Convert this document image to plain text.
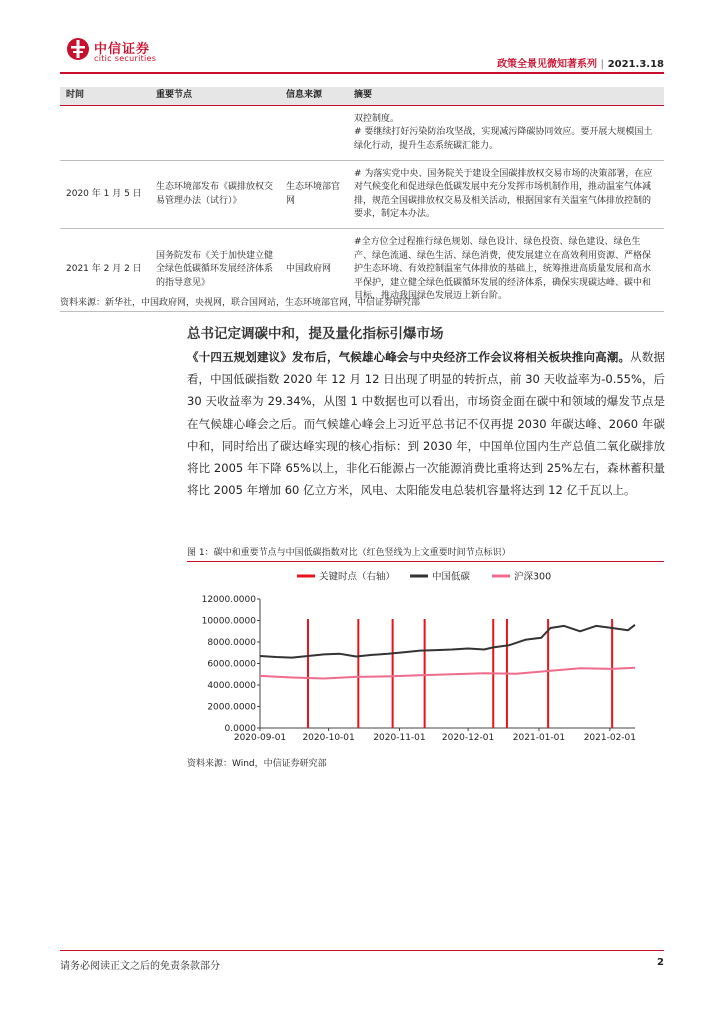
中信证券
citic securities
政策全景见微知著系列 | 2021.3.18
时间	重要节点	信息来源	摘要
			双控制度。
# 要继续打好污染防治攻坚战，实现减污降碳协同效应。要开展大规模国土绿化行动，提升生态系统碳汇能力。
2020 年 1 月 5 日	生态环境部发布《碳排放权交易管理办法（试行）》	生态环境部官网	# 为落实党中央、国务院关于建设全国碳排放权交易市场的决策部署，在应对气候变化和促进绿色低碳发展中充分发挥市场机制作用，推动温室气体减排，规范全国碳排放权交易及相关活动，根据国家有关温室气体排放控制的要求，制定本办法。
2021 年 2 月 2 日	国务院发布《关于加快建立健全绿色低碳循环发展经济体系的指导意见》	中国政府网	#全方位全过程推行绿色规划、绿色设计、绿色投资、绿色建设、绿色生产、绿色流通、绿色生活、绿色消费，使发展建立在高效利用资源、严格保护生态环境、有效控制温室气体排放的基础上，统筹推进高质量发展和高水平保护，建立健全绿色低碳循环发展的经济体系，确保实现碳达峰、碳中和目标，推动我国绿色发展迈上新台阶。
资料来源：新华社，中国政府网，央视网，联合国网站，生态环境部官网，中信证券研究部
总书记定调碳中和，提及量化指标引爆市场
《十四五规划建议》发布后，气候雄心峰会与中央经济工作会议将相关板块推向高潮。从数据看，中国低碳指数 2020 年 12 月 12 日出现了明显的转折点，前 30 天收益率为-0.55%，后 30 天收益率为 29.34%，从图 1 中数据也可以看出，市场资金面在碳中和领域的爆发节点是在气候雄心峰会之后。而气候雄心峰会上习近平总书记不仅再提 2030 年碳达峰、2060 年碳中和，同时给出了碳达峰实现的核心指标：到 2030 年，中国单位国内生产总值二氧化碳排放将比 2005 年下降 65%以上，非化石能源占一次能源消费比重将达到 25%左右，森林蓄积量将比 2005 年增加 60 亿立方米，风电、太阳能发电总装机容量将达到 12 亿千瓦以上。
图 1：碳中和重要节点与中国低碳指数对比（红色竖线为上文重要时间节点标识）
关键时点（右轴）	中国低碳	沪深300
0.0000
2000.0000
4000.0000
6000.0000
8000.0000
10000.0000
12000.0000
2020-09-01 2020-10-01 2020-11-01 2020-12-01 2021-01-01 2021-02-01
资料来源：Wind，中信证券研究部
请务必阅读正文之后的免责条款部分	2
